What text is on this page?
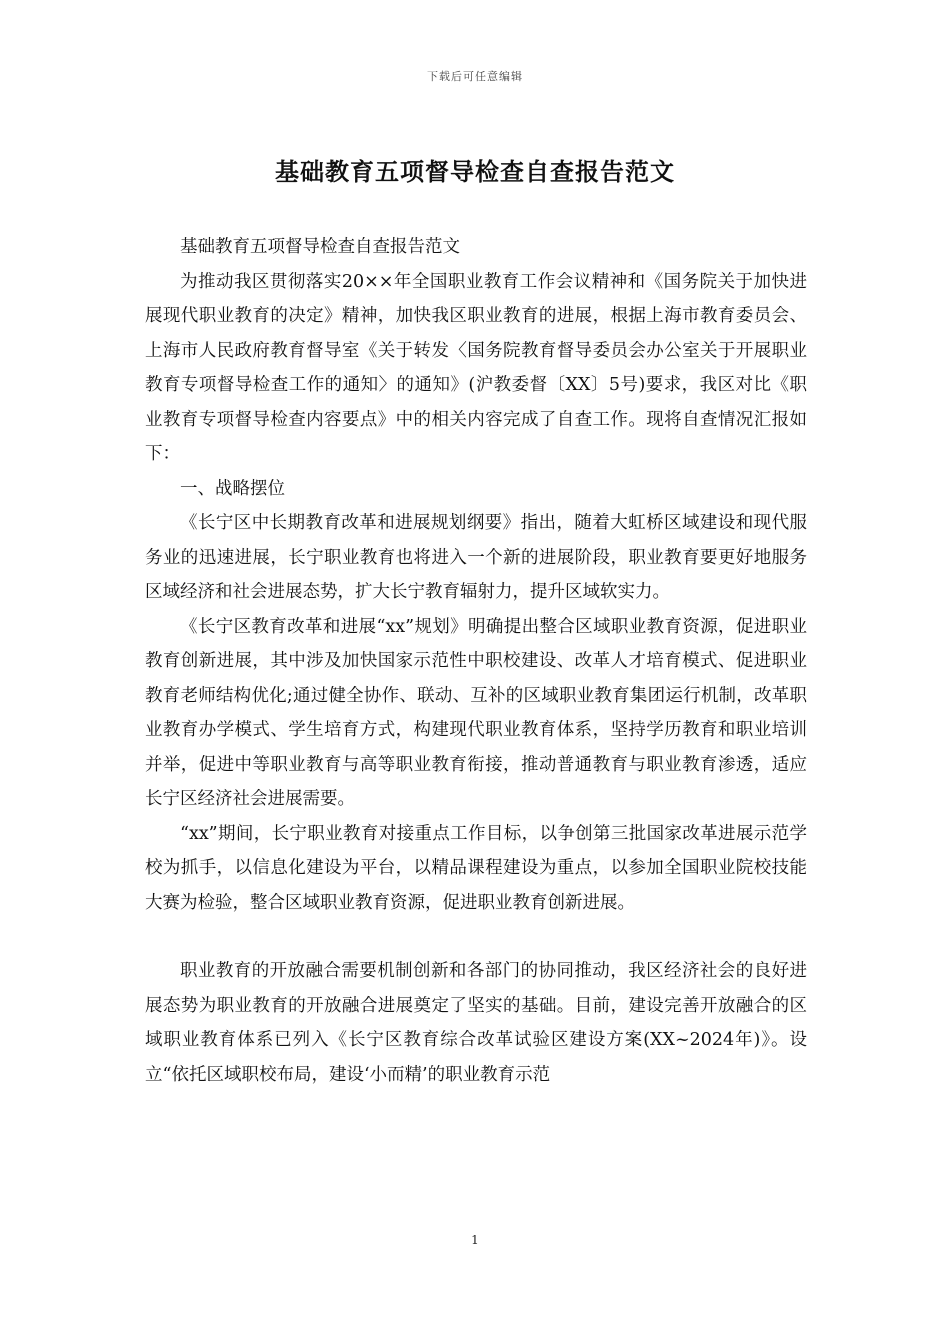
下载后可任意编辑
基础教育五项督导检查自查报告范文

基础教育五项督导检查自查报告范文

为推动我区贯彻落实20××年全国职业教育工作会议精神和《国务院关于加快进展现代职业教育的决定》精神，加快我区职业教育的进展，根据上海市教育委员会、上海市人民政府教育督导室《关于转发〈国务院教育督导委员会办公室关于开展职业教育专项督导检查工作的通知〉的通知》(沪教委督〔XX〕5号)要求，我区对比《职业教育专项督导检查内容要点》中的相关内容完成了自查工作。现将自查情况汇报如下：

一、战略摆位

《长宁区中长期教育改革和进展规划纲要》指出，随着大虹桥区域建设和现代服务业的迅速进展，长宁职业教育也将进入一个新的进展阶段，职业教育要更好地服务区域经济和社会进展态势，扩大长宁教育辐射力，提升区域软实力。

《长宁区教育改革和进展“xx”规划》明确提出整合区域职业教育资源，促进职业教育创新进展，其中涉及加快国家示范性中职校建设、改革人才培育模式、促进职业教育老师结构优化;通过健全协作、联动、互补的区域职业教育集团运行机制，改革职业教育办学模式、学生培育方式，构建现代职业教育体系，坚持学历教育和职业培训并举，促进中等职业教育与高等职业教育衔接，推动普通教育与职业教育渗透，适应长宁区经济社会进展需要。

“xx”期间，长宁职业教育对接重点工作目标，以争创第三批国家改革进展示范学校为抓手，以信息化建设为平台，以精品课程建设为重点，以参加全国职业院校技能大赛为检验，整合区域职业教育资源，促进职业教育创新进展。

职业教育的开放融合需要机制创新和各部门的协同推动，我区经济社会的良好进展态势为职业教育的开放融合进展奠定了坚实的基础。目前，建设完善开放融合的区域职业教育体系已列入《长宁区教育综合改革试验区建设方案(XX~2024年)》。设立“依托区域职校布局，建设‘小而精’的职业教育示范

1
